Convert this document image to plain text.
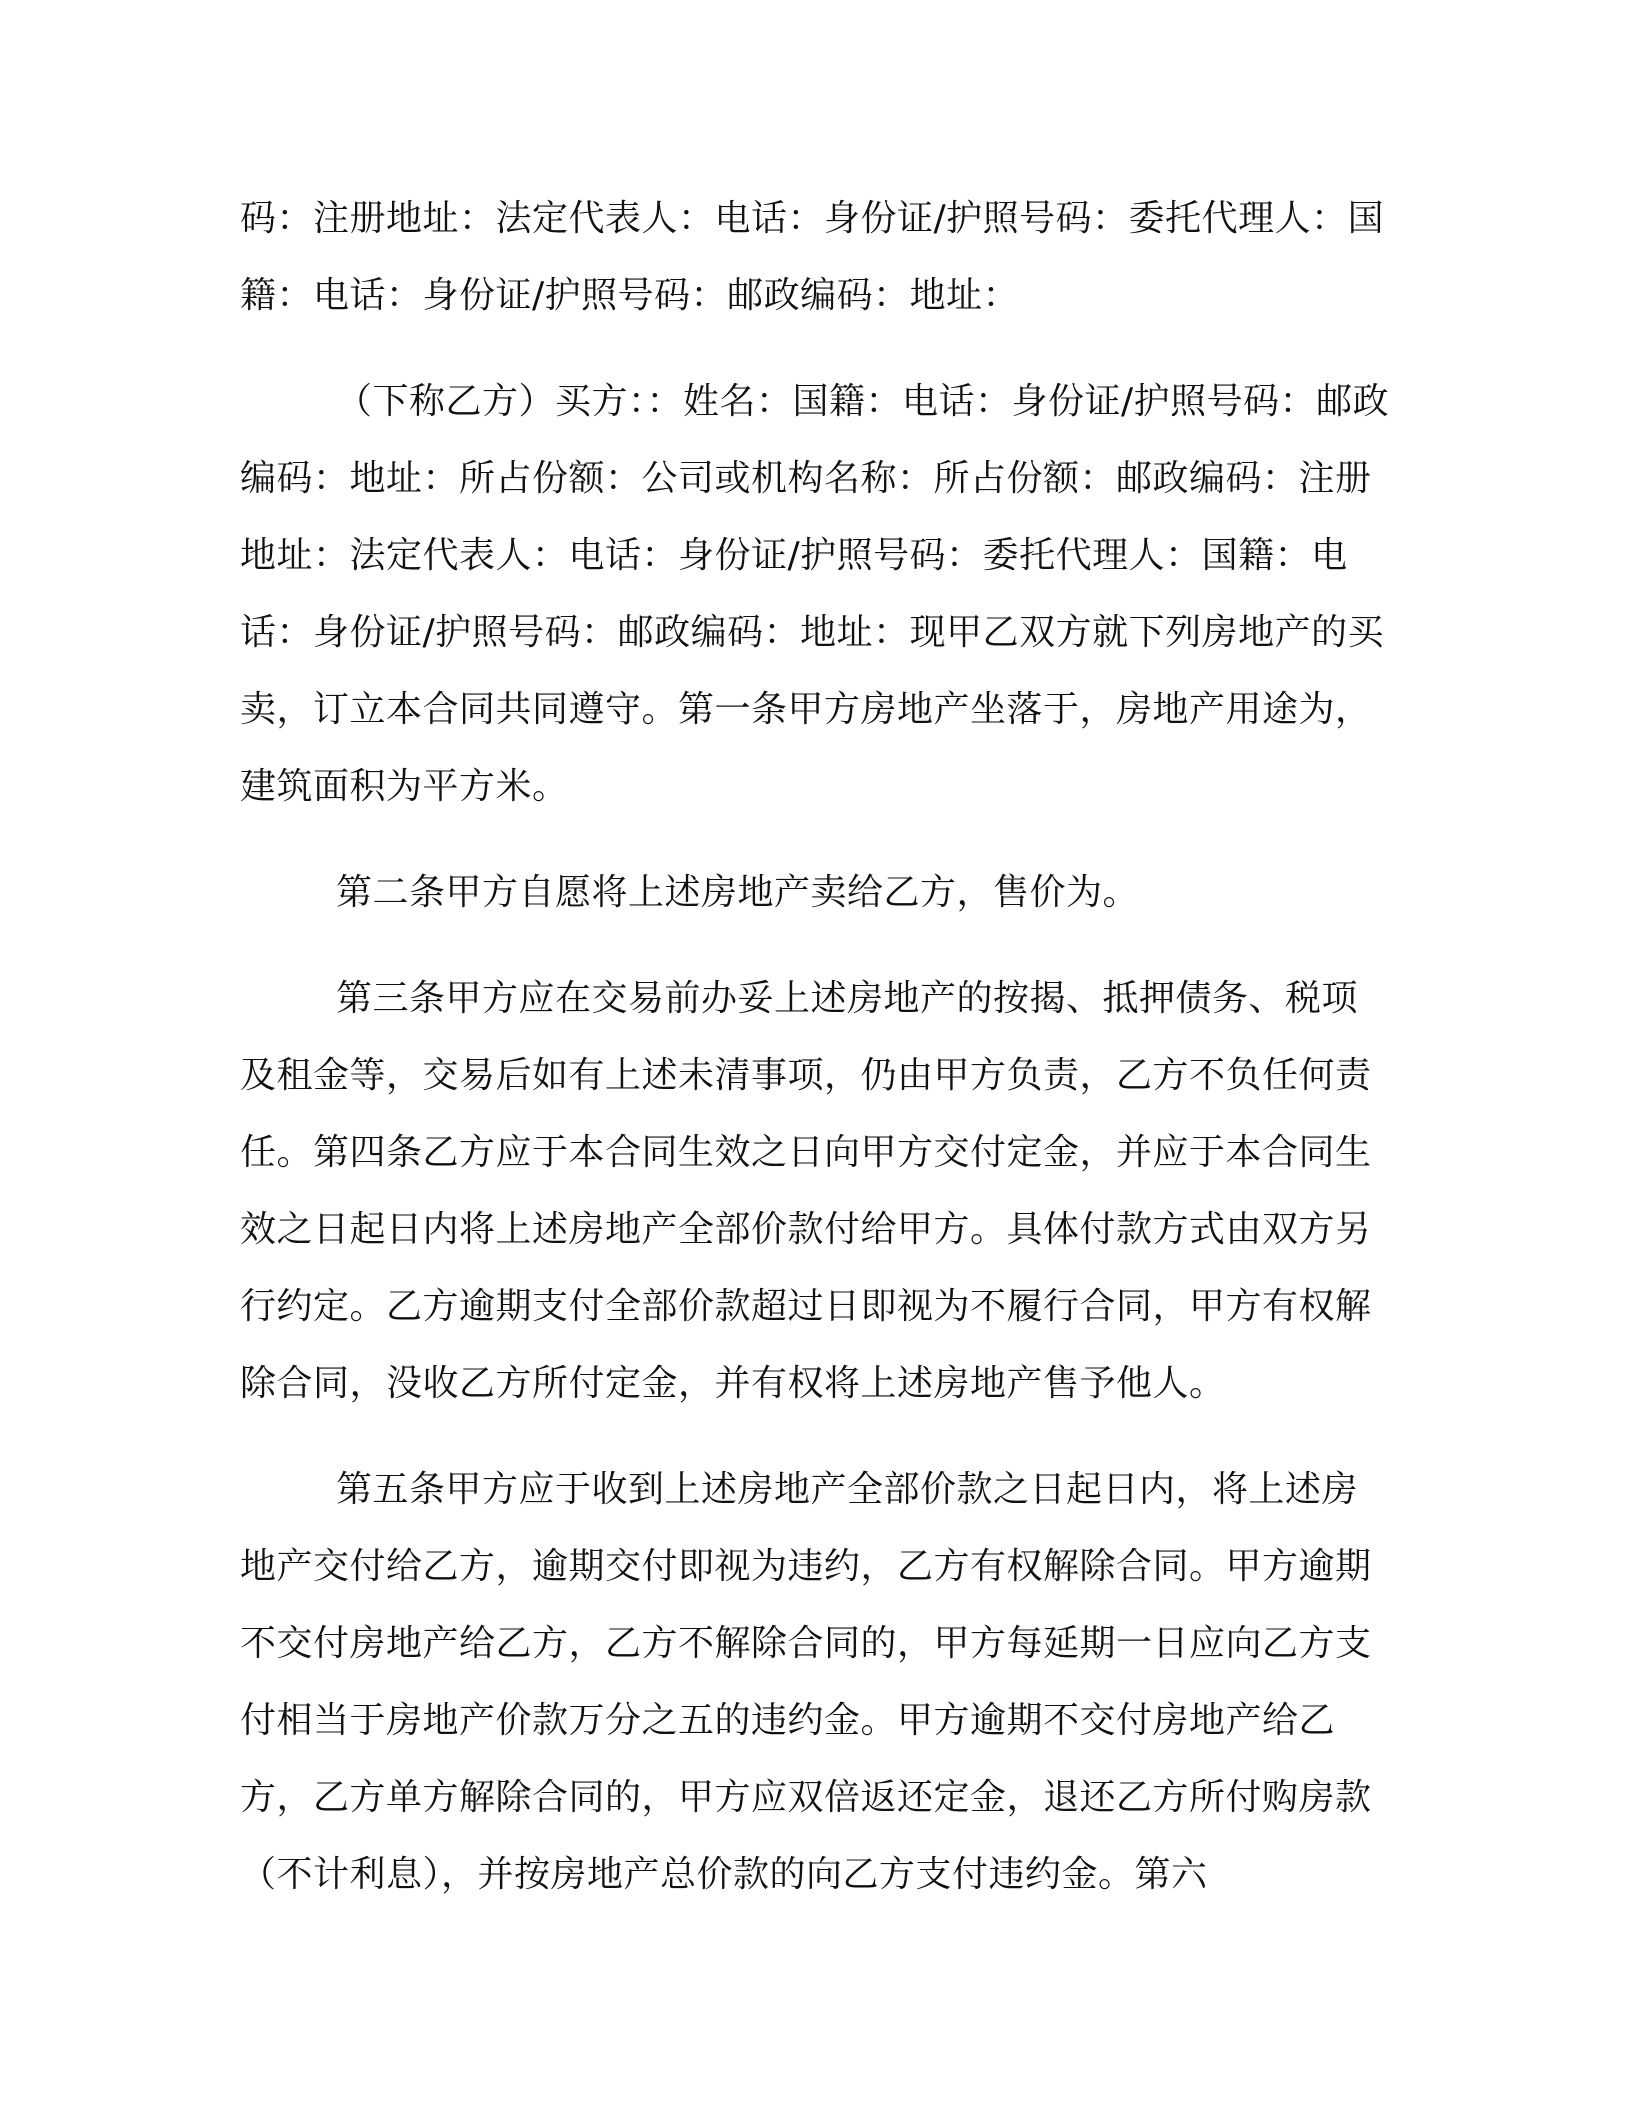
码：注册地址：法定代表人：电话：身份证/护照号码：委托代理人：国籍：电话：身份证/护照号码：邮政编码：地址：

（下称乙方）买方：：姓名：国籍：电话：身份证/护照号码：邮政编码：地址：所占份额：公司或机构名称：所占份额：邮政编码：注册地址：法定代表人：电话：身份证/护照号码：委托代理人：国籍：电话：身份证/护照号码：邮政编码：地址：现甲乙双方就下列房地产的买卖，订立本合同共同遵守。第一条甲方房地产坐落于，房地产用途为，建筑面积为平方米。

第二条甲方自愿将上述房地产卖给乙方，售价为。

第三条甲方应在交易前办妥上述房地产的按揭、抵押债务、税项及租金等，交易后如有上述未清事项，仍由甲方负责，乙方不负任何责任。第四条乙方应于本合同生效之日向甲方交付定金，并应于本合同生效之日起日内将上述房地产全部价款付给甲方。具体付款方式由双方另行约定。乙方逾期支付全部价款超过日即视为不履行合同，甲方有权解除合同，没收乙方所付定金，并有权将上述房地产售予他人。

第五条甲方应于收到上述房地产全部价款之日起日内，将上述房地产交付给乙方，逾期交付即视为违约，乙方有权解除合同。甲方逾期不交付房地产给乙方，乙方不解除合同的，甲方每延期一日应向乙方支付相当于房地产价款万分之五的违约金。甲方逾期不交付房地产给乙方，乙方单方解除合同的，甲方应双倍返还定金，退还乙方所付购房款（不计利息），并按房地产总价款的向乙方支付违约金。第六
